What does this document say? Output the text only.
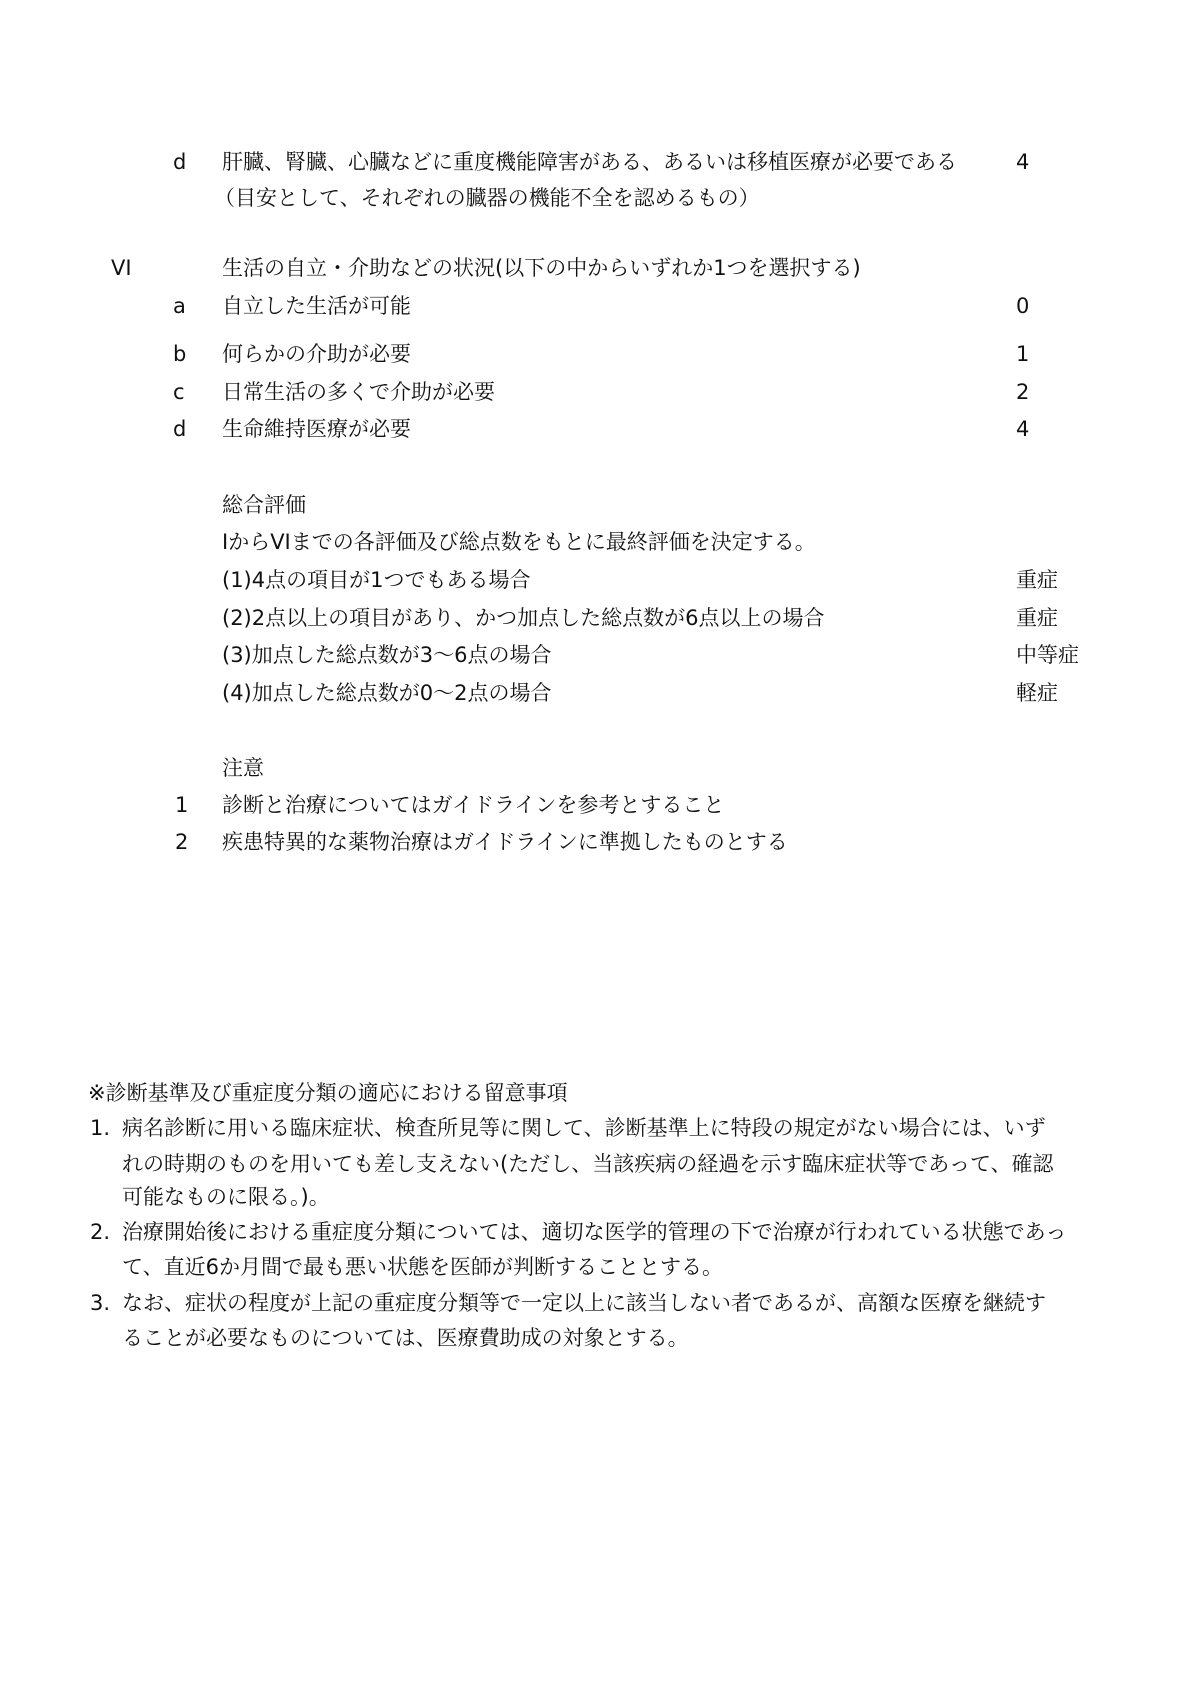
d 肝臓、腎臓、心臓などに重度機能障害がある、あるいは移植医療が必要である	4
（目安として、それぞれの臓器の機能不全を認めるもの）
VI	生活の自立・介助などの状況(以下の中からいずれか1つを選択する)
a 自立した生活が可能	0
b 何らかの介助が必要	1
c 日常生活の多くで介助が必要	2
d 生命維持医療が必要	4
総合評価
ⅠからVIまでの各評価及び総点数をもとに最終評価を決定する。
(1)4点の項目が1つでもある場合	重症
(2)2点以上の項目があり、かつ加点した総点数が6点以上の場合	重症
(3)加点した総点数が3〜6点の場合	中等症
(4)加点した総点数が0〜2点の場合	軽症
注意
1 診断と治療についてはガイドラインを参考とすること
2 疾患特異的な薬物治療はガイドラインに準拠したものとする
※診断基準及び重症度分類の適応における留意事項
1. 病名診断に用いる臨床症状、検査所見等に関して、診断基準上に特段の規定がない場合には、いず
れの時期のものを用いても差し支えない(ただし、当該疾病の経過を示す臨床症状等であって、確認
可能なものに限る。)。
2. 治療開始後における重症度分類については、適切な医学的管理の下で治療が行われている状態であっ
て、直近6か月間で最も悪い状態を医師が判断することとする。
3. なお、症状の程度が上記の重症度分類等で一定以上に該当しない者であるが、高額な医療を継続す
ることが必要なものについては、医療費助成の対象とする。
